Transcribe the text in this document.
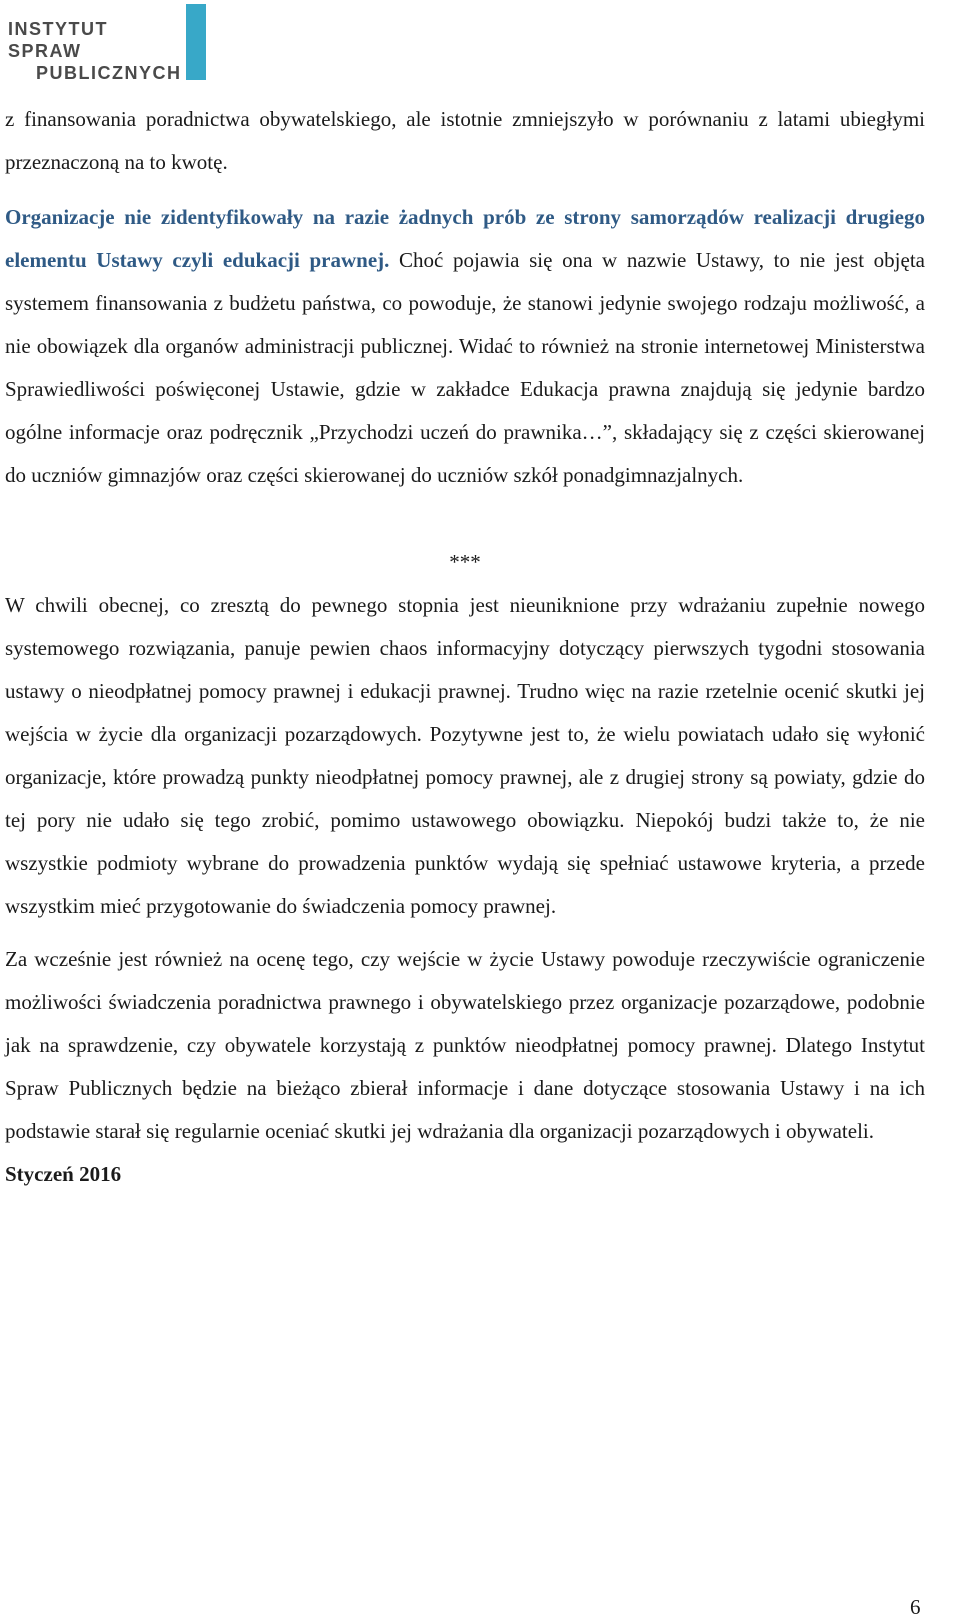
INSTYTUT SPRAW
PUBLICZNYCH

z finansowania poradnictwa obywatelskiego, ale istotnie zmniejszyło w porównaniu z latami ubiegłymi przeznaczoną na to kwotę.

Organizacje nie zidentyfikowały na razie żadnych prób ze strony samorządów realizacji drugiego elementu Ustawy czyli edukacji prawnej. Choć pojawia się ona w nazwie Ustawy, to nie jest objęta systemem finansowania z budżetu państwa, co powoduje, że stanowi jedynie swojego rodzaju możliwość, a nie obowiązek dla organów administracji publicznej. Widać to również na stronie internetowej Ministerstwa Sprawiedliwości poświęconej Ustawie, gdzie w zakładce Edukacja prawna znajdują się jedynie bardzo ogólne informacje oraz podręcznik „Przychodzi uczeń do prawnika…”, składający się z części skierowanej do uczniów gimnazjów oraz części skierowanej do uczniów szkół ponadgimnazjalnych.

***

W chwili obecnej, co zresztą do pewnego stopnia jest nieuniknione przy wdrażaniu zupełnie nowego systemowego rozwiązania, panuje pewien chaos informacyjny dotyczący pierwszych tygodni stosowania ustawy o nieodpłatnej pomocy prawnej i edukacji prawnej. Trudno więc na razie rzetelnie ocenić skutki jej wejścia w życie dla organizacji pozarządowych. Pozytywne jest to, że wielu powiatach udało się wyłonić organizacje, które prowadzą punkty nieodpłatnej pomocy prawnej, ale z drugiej strony są powiaty, gdzie do tej pory nie udało się tego zrobić, pomimo ustawowego obowiązku. Niepokój budzi także to, że nie wszystkie podmioty wybrane do prowadzenia punktów wydają się spełniać ustawowe kryteria, a przede wszystkim mieć przygotowanie do świadczenia pomocy prawnej.

Za wcześnie jest również na ocenę tego, czy wejście w życie Ustawy powoduje rzeczywiście ograniczenie możliwości świadczenia poradnictwa prawnego i obywatelskiego przez organizacje pozarządowe, podobnie jak na sprawdzenie, czy obywatele korzystają z punktów nieodpłatnej pomocy prawnej. Dlatego Instytut Spraw Publicznych będzie na bieżąco zbierał informacje i dane dotyczące stosowania Ustawy i na ich podstawie starał się regularnie oceniać skutki jej wdrażania dla organizacji pozarządowych i obywateli.

Styczeń 2016

6
